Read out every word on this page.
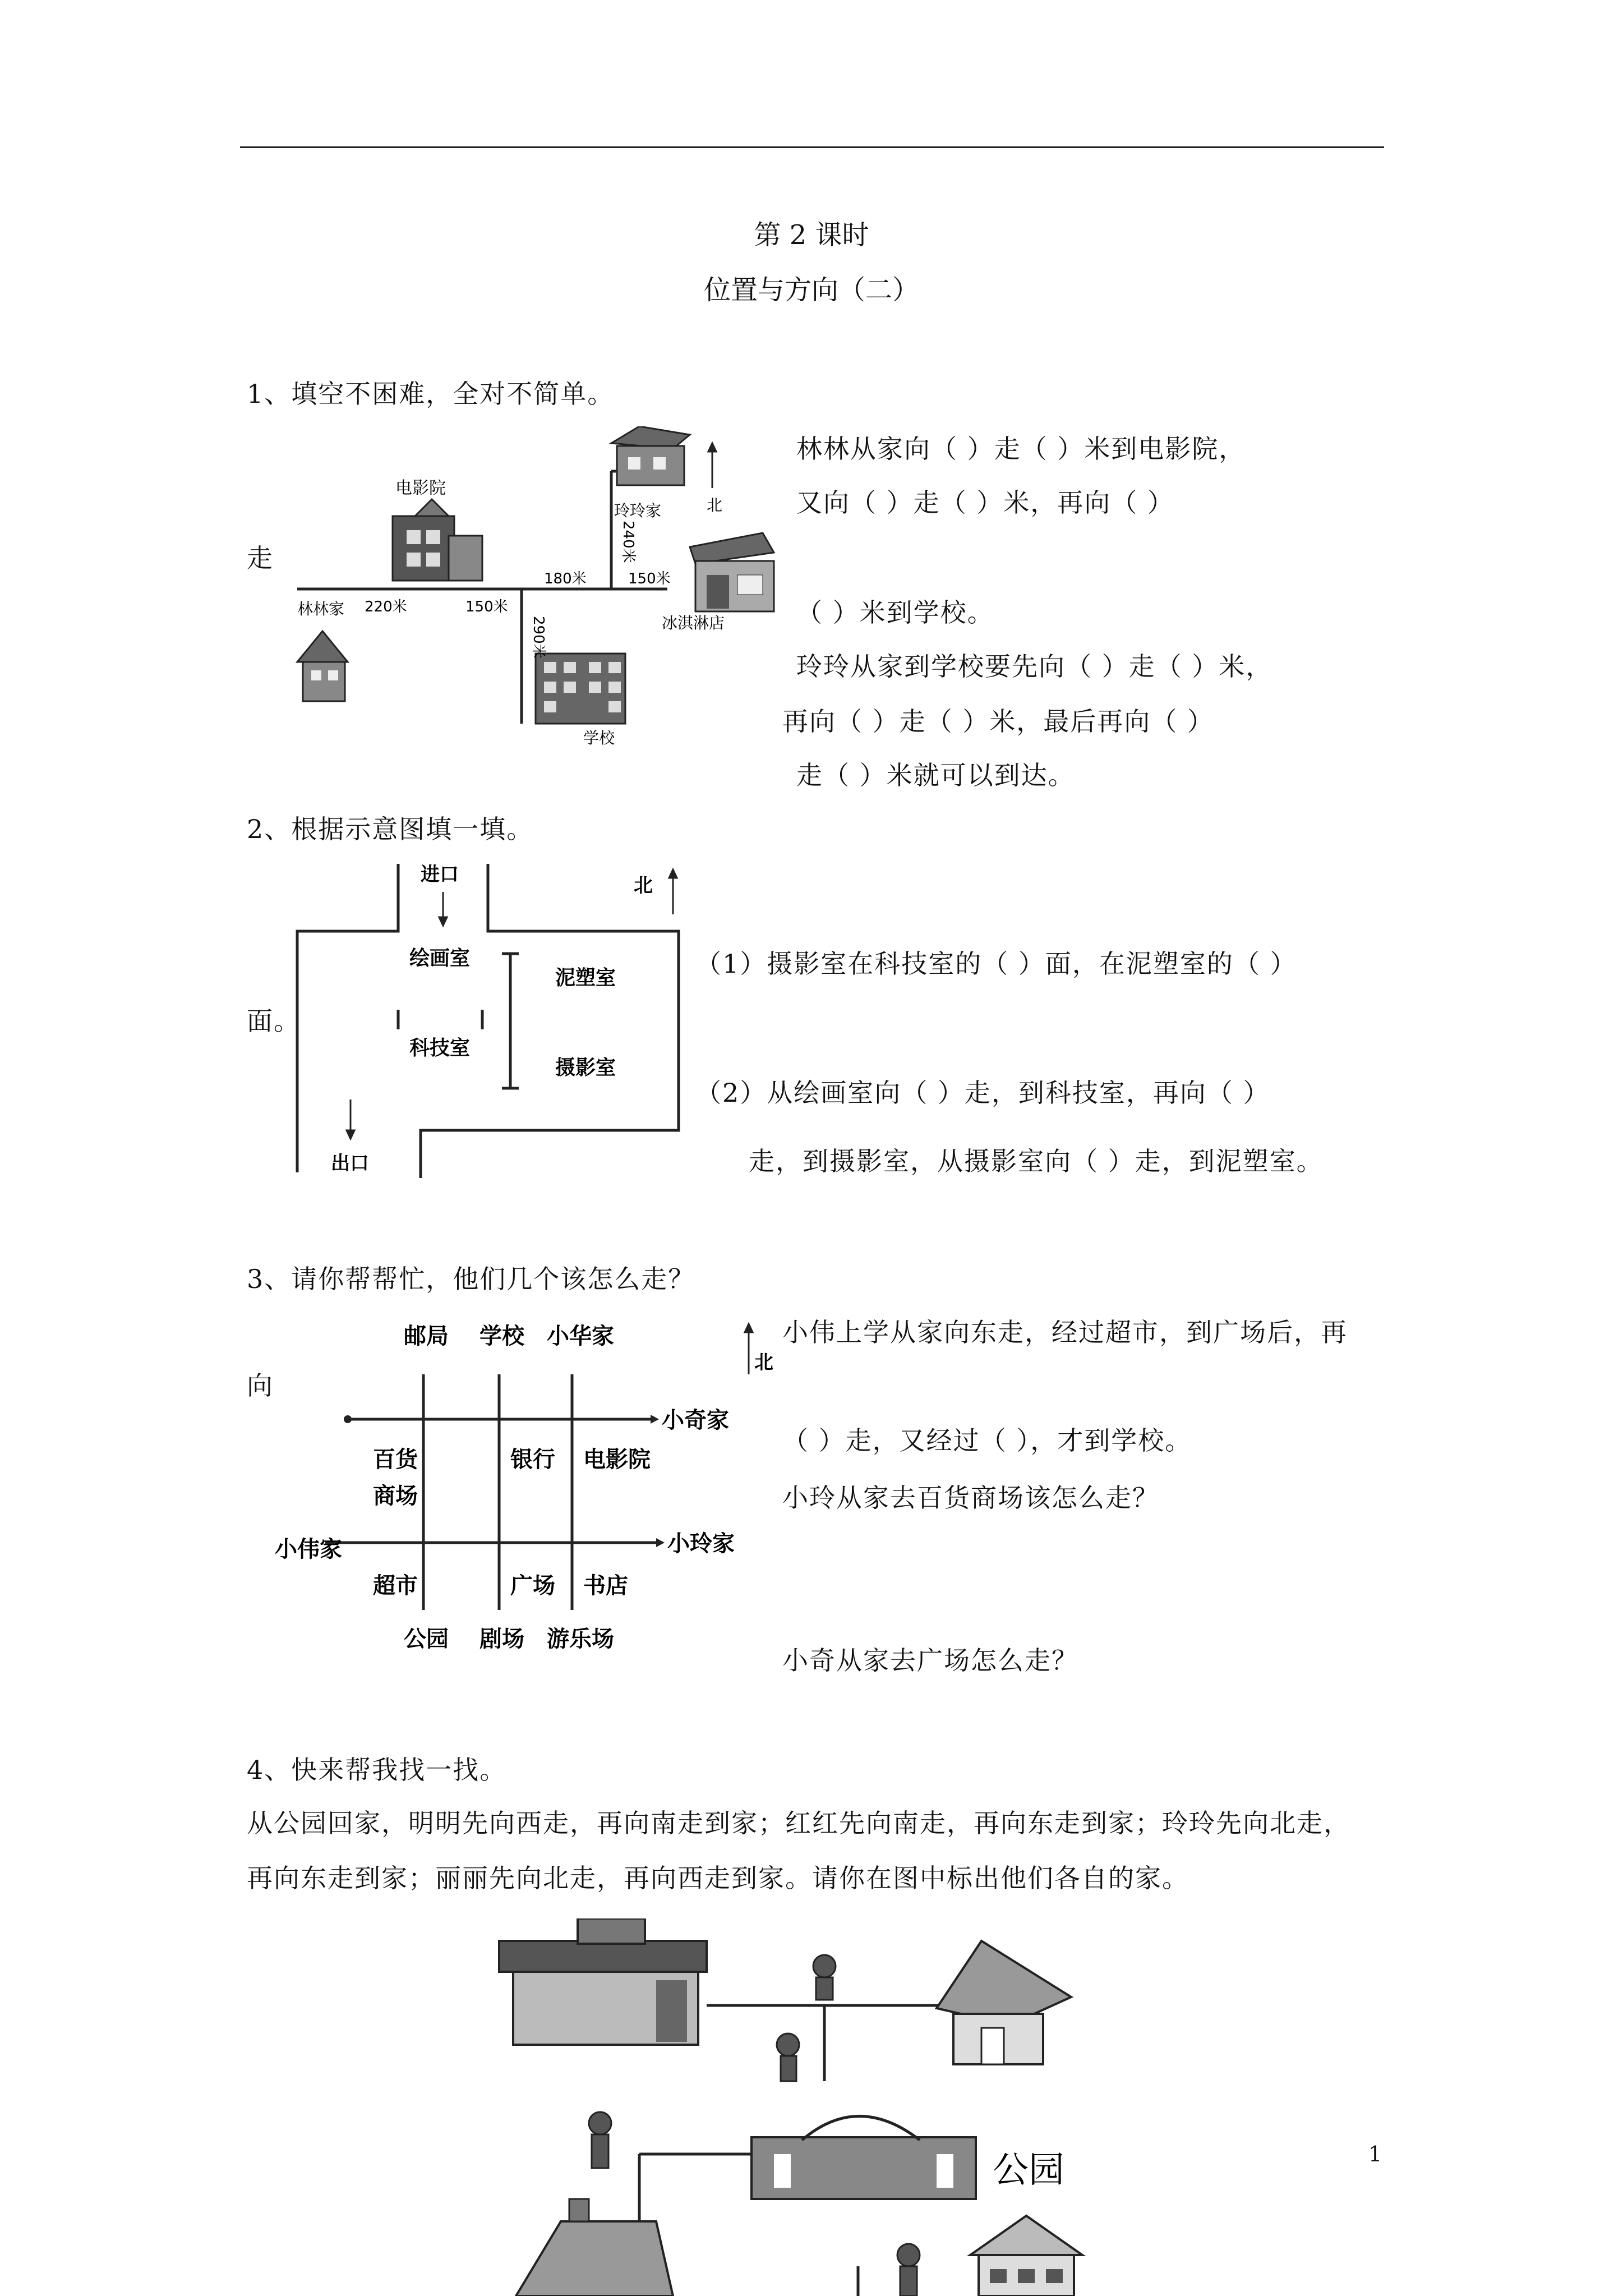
第 2 课时
位置与方向（二）
1、填空不困难，全对不简单。
北
电影院
玲玲家
冰淇淋店
林林家
学校
220米	150米
180米	150米
240米
290米
林林从家向（ ）走（ ）米到电影院，
又向（ ）走（ ）米，再向（ ）
走
（ ）米到学校。
玲玲从家到学校要先向（ ）走（ ）米，
再向（ ）走（ ）米，最后再向（ ）
走（ ）米就可以到达。
2、根据示意图填一填。
进口	北
绘画室
泥塑室
科技室
摄影室
出口
（1）摄影室在科技室的（ ）面，在泥塑室的（ ）
面。
（2）从绘画室向（ ）走，到科技室，再向（ ）
走，到摄影室，从摄影室向（ ）走，到泥塑室。
3、请你帮帮忙，他们几个该怎么走？
北
邮局 学校 小华家
小奇家
百货
商场
银行 电影院
小伟家	小玲家
超市	广场 书店
公园 剧场 游乐场
小伟上学从家向东走，经过超市，到广场后，再
向
（ ）走，又经过（ ），才到学校。
小玲从家去百货商场该怎么走？
小奇从家去广场怎么走？
4、快来帮我找一找。
从公园回家，明明先向西走，再向南走到家；红红先向南走，再向东走到家；玲玲先向北走，
再向东走到家；丽丽先向北走，再向西走到家。请你在图中标出他们各自的家。
公园	1
